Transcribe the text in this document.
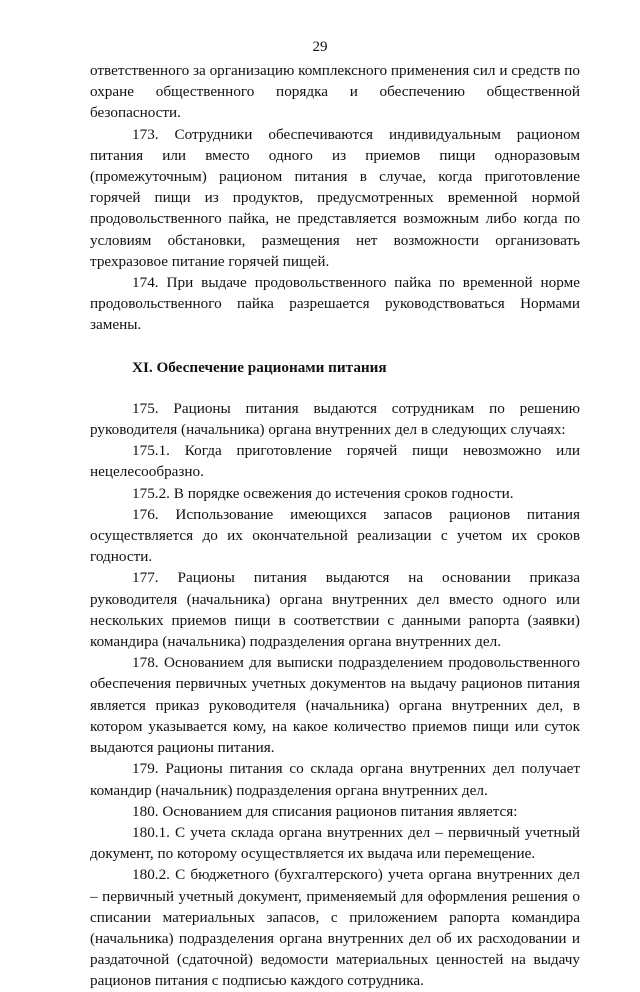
29

ответственного за организацию комплексного применения сил и средств по охране общественного порядка и обеспечению общественной безопасности.

173. Сотрудники обеспечиваются индивидуальным рационом питания или вместо одного из приемов пищи одноразовым (промежуточным) рационом питания в случае, когда приготовление горячей пищи из продуктов, предусмотренных временной нормой продовольственного пайка, не представляется возможным либо когда по условиям обстановки, размещения нет возможности организовать трехразовое питание горячей пищей.

174. При выдаче продовольственного пайка по временной норме продовольственного пайка разрешается руководствоваться Нормами замены.

XI. Обеспечение рационами питания

175. Рационы питания выдаются сотрудникам по решению руководителя (начальника) органа внутренних дел в следующих случаях:

175.1. Когда приготовление горячей пищи невозможно или нецелесообразно.

175.2. В порядке освежения до истечения сроков годности.

176. Использование имеющихся запасов рационов питания осуществляется до их окончательной реализации с учетом их сроков годности.

177. Рационы питания выдаются на основании приказа руководителя (начальника) органа внутренних дел вместо одного или нескольких приемов пищи в соответствии с данными рапорта (заявки) командира (начальника) подразделения органа внутренних дел.

178. Основанием для выписки подразделением продовольственного обеспечения первичных учетных документов на выдачу рационов питания является приказ руководителя (начальника) органа внутренних дел, в котором указывается кому, на какое количество приемов пищи или суток выдаются рационы питания.

179. Рационы питания со склада органа внутренних дел получает командир (начальник) подразделения органа внутренних дел.

180. Основанием для списания рационов питания является:

180.1. С учета склада органа внутренних дел – первичный учетный документ, по которому осуществляется их выдача или перемещение.

180.2. С бюджетного (бухгалтерского) учета органа внутренних дел – первичный учетный документ, применяемый для оформления решения о списании материальных запасов, с приложением рапорта командира (начальника) подразделения органа внутренних дел об их расходовании и раздаточной (сдаточной) ведомости материальных ценностей на выдачу рационов питания с подписью каждого сотрудника.
